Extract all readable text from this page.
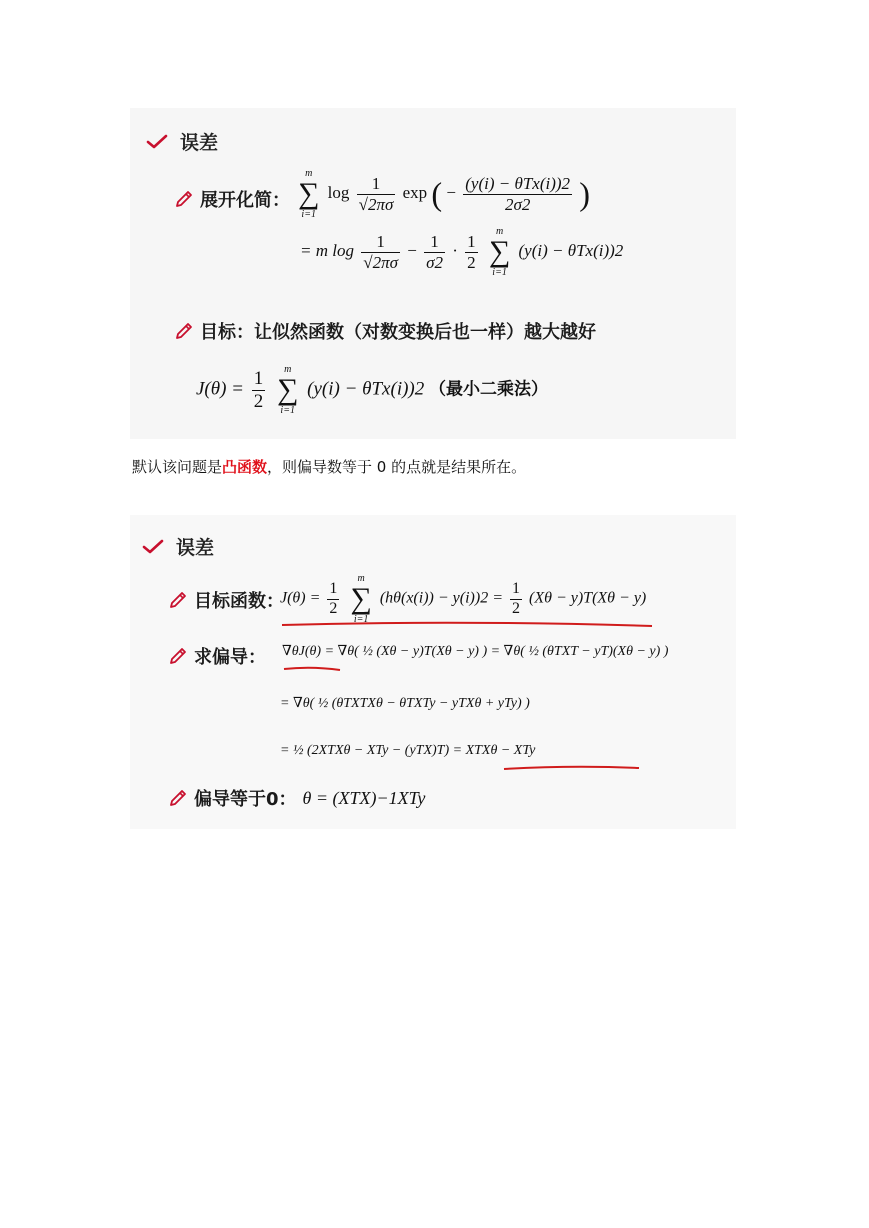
误差
展开化简：
m
∑
i=1
$\log \frac{1}{√2\pi\sigma}$ exp ( − $\frac{\text{(y(i) − θTx(i))2}}{2\sigma 2}$ )
= m $\log \frac{1}{√2\pi\sigma} - \frac{1}{\sigma 2} \cdot \frac{1}{2}$

m
∑
i=1
(y(i) − θTx(i))2
目标：让似然函数（对数变换后也一样）越大越好
$J(\theta) = \frac{1}{2}$
	m
∑
i=1
(y(i) − θTx(i))2 （最小二乘法）
默认该问题是凸函数，则偏导数等于 0 的点就是结果所在。
误差
目标函数：
$J(\theta) = \frac{1}{2}$

m
∑
i=1
$(h\theta(x(i)) - y(i))2 = \frac{1}{2} (X\theta - y)T(X\theta - y)$
求偏导： ∇θJ(θ) = ∇θ( ½ (Xθ − y)T(Xθ − y) ) = ∇θ( ½ (θTXT − yT)(Xθ − y) )
= ∇θ( ½ (θTXTXθ − θTXTy − yTXθ + yTy) )
= ½ (2XTXθ − XTy − (yTX)T) = XTXθ − XTy
偏导等于0： θ = (XTX)−1XTy
